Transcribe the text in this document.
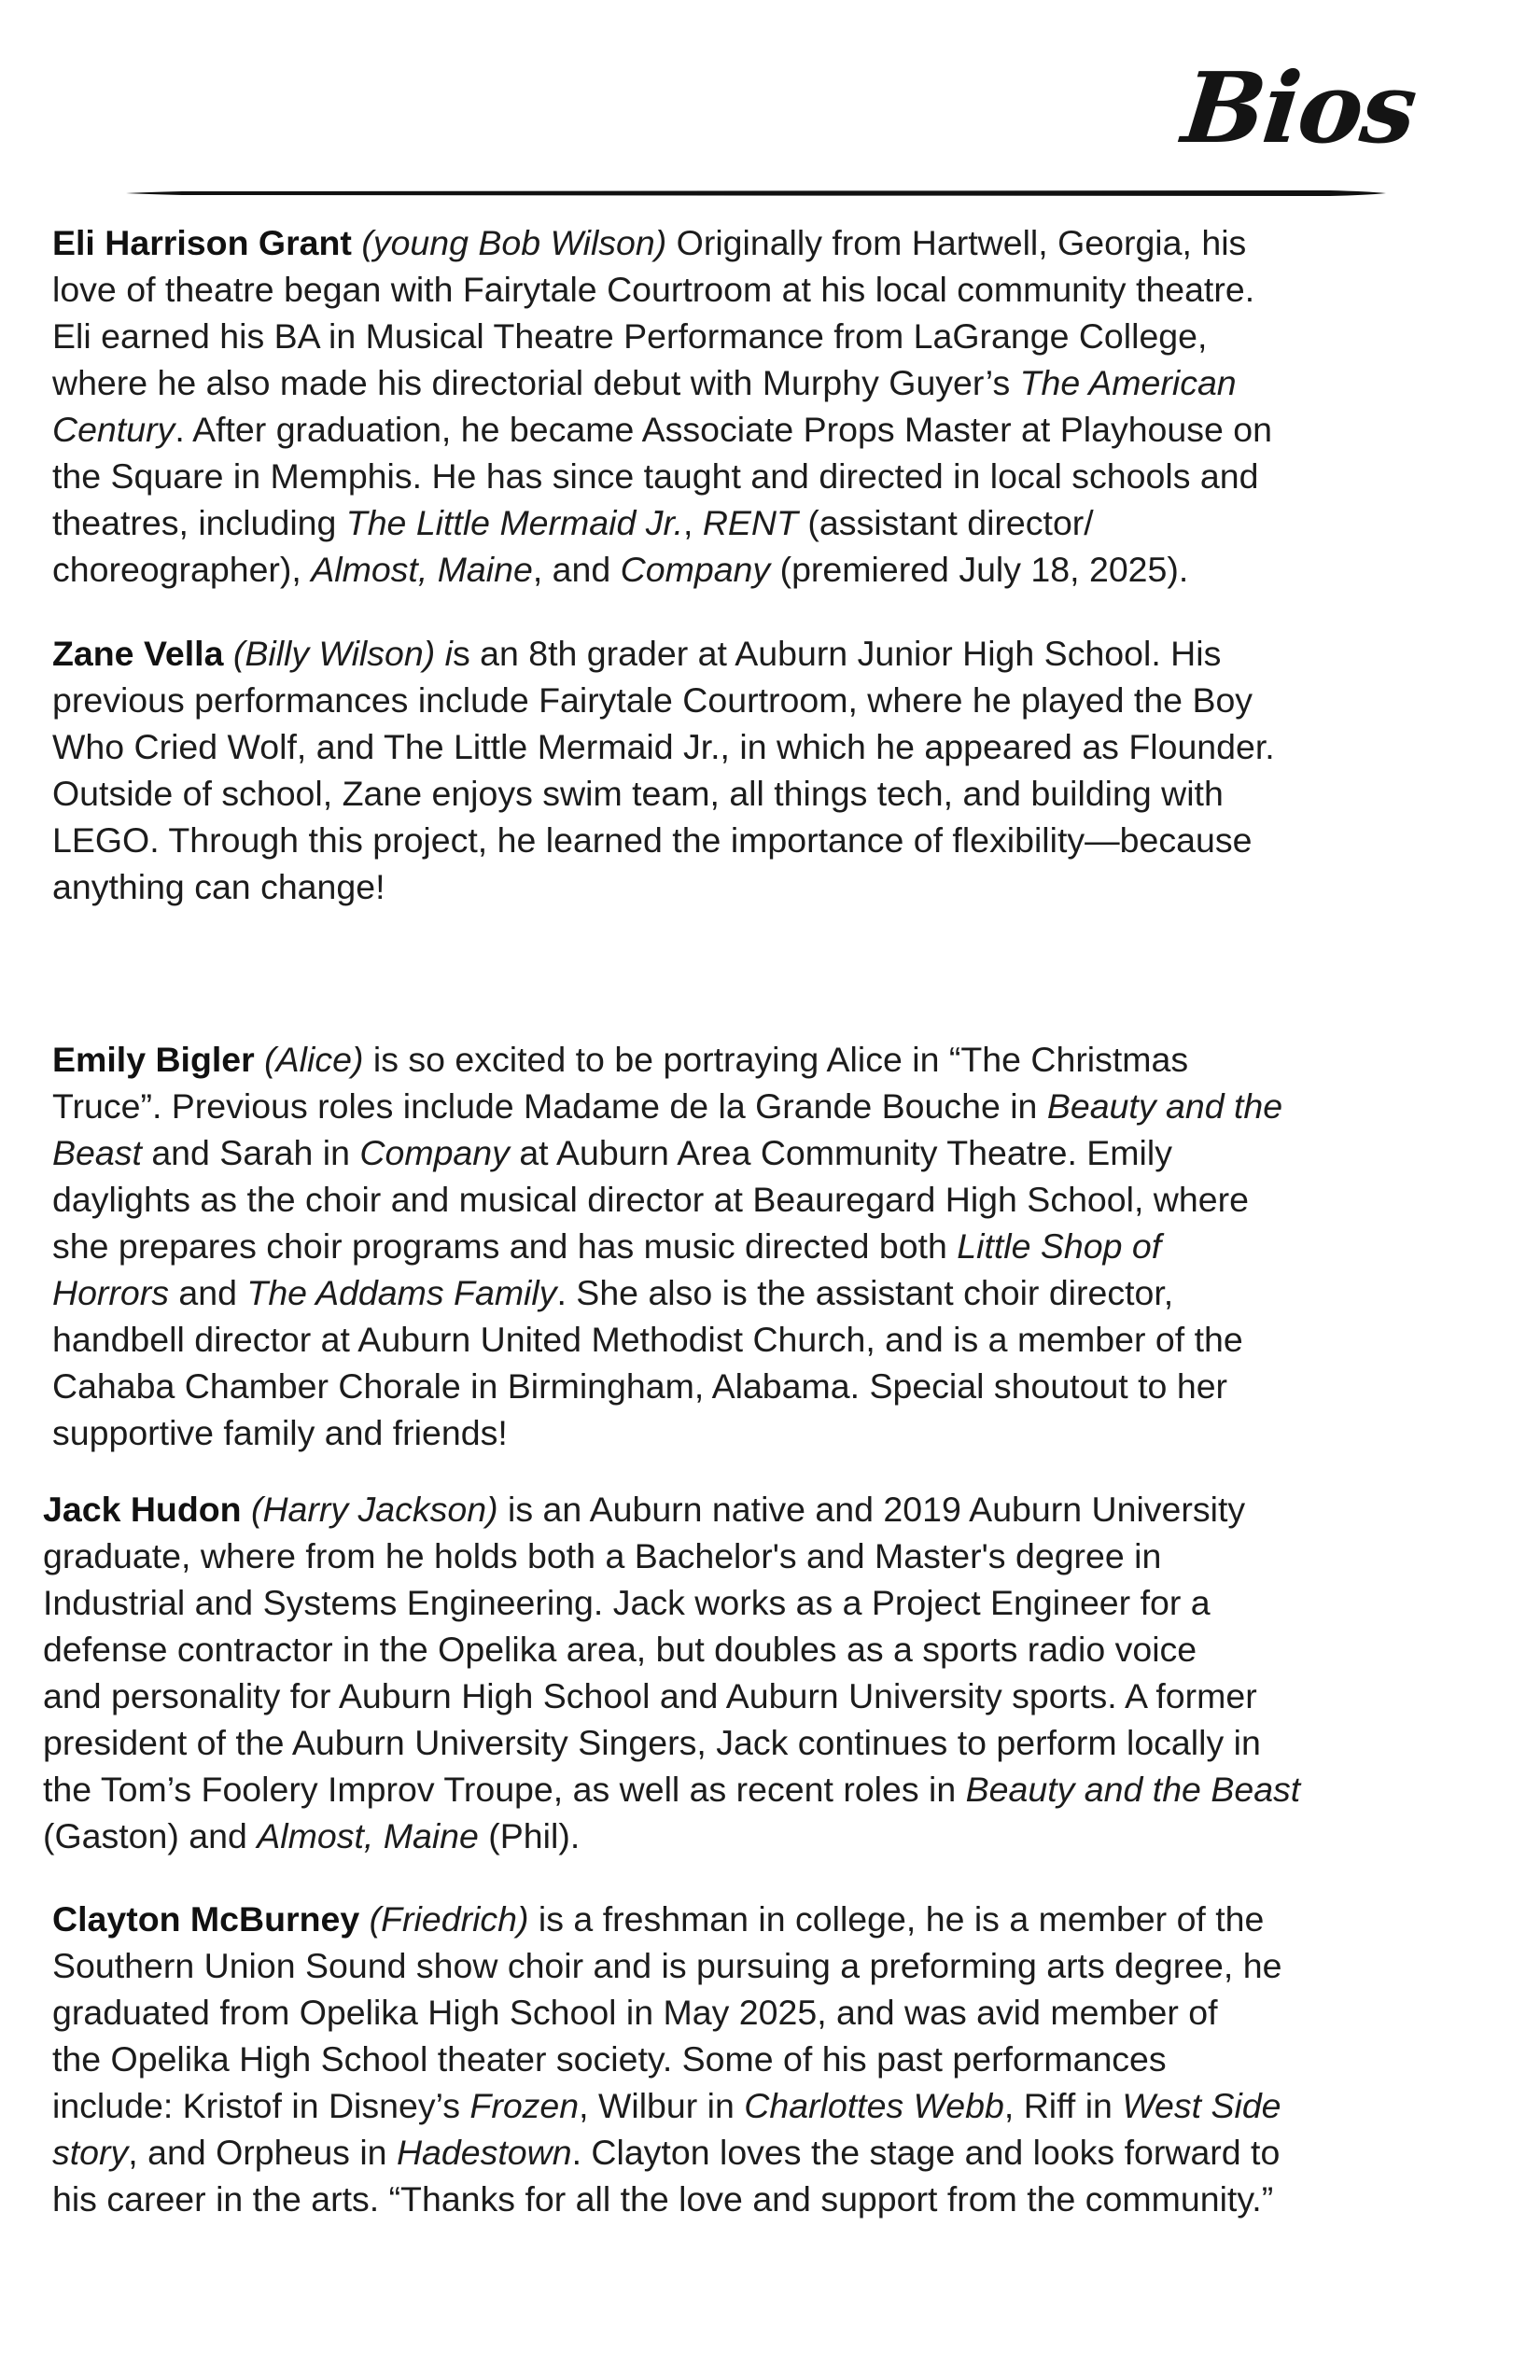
Bios
Eli Harrison Grant (young Bob Wilson) Originally from Hartwell, Georgia, his
love of theatre began with Fairytale Courtroom at his local community theatre.
Eli earned his BA in Musical Theatre Performance from LaGrange College,
where he also made his directorial debut with Murphy Guyer’s The American
Century. After graduation, he became Associate Props Master at Playhouse on
the Square in Memphis. He has since taught and directed in local schools and
theatres, including The Little Mermaid Jr., RENT (assistant director/
choreographer), Almost, Maine, and Company (premiered July 18, 2025).
Zane Vella (Billy Wilson) is an 8th grader at Auburn Junior High School. His
previous performances include Fairytale Courtroom, where he played the Boy
Who Cried Wolf, and The Little Mermaid Jr., in which he appeared as Flounder.
Outside of school, Zane enjoys swim team, all things tech, and building with
LEGO. Through this project, he learned the importance of flexibility—because
anything can change!
Emily Bigler (Alice) is so excited to be portraying Alice in “The Christmas
Truce”. Previous roles include Madame de la Grande Bouche in Beauty and the
Beast and Sarah in Company at Auburn Area Community Theatre. Emily
daylights as the choir and musical director at Beauregard High School, where
she prepares choir programs and has music directed both Little Shop of
Horrors and The Addams Family. She also is the assistant choir director,
handbell director at Auburn United Methodist Church, and is a member of the
Cahaba Chamber Chorale in Birmingham, Alabama. Special shoutout to her
supportive family and friends!
Jack Hudon (Harry Jackson) is an Auburn native and 2019 Auburn University
graduate, where from he holds both a Bachelor's and Master's degree in
Industrial and Systems Engineering. Jack works as a Project Engineer for a
defense contractor in the Opelika area, but doubles as a sports radio voice
and personality for Auburn High School and Auburn University sports. A former
president of the Auburn University Singers, Jack continues to perform locally in
the Tom’s Foolery Improv Troupe, as well as recent roles in Beauty and the Beast
(Gaston) and Almost, Maine (Phil).
Clayton McBurney (Friedrich) is a freshman in college, he is a member of the
Southern Union Sound show choir and is pursuing a preforming arts degree, he
graduated from Opelika High School in May 2025, and was avid member of
the Opelika High School theater society. Some of his past performances
include: Kristof in Disney’s Frozen, Wilbur in Charlottes Webb, Riff in West Side
story, and Orpheus in Hadestown. Clayton loves the stage and looks forward to
his career in the arts. “Thanks for all the love and support from the community.”
